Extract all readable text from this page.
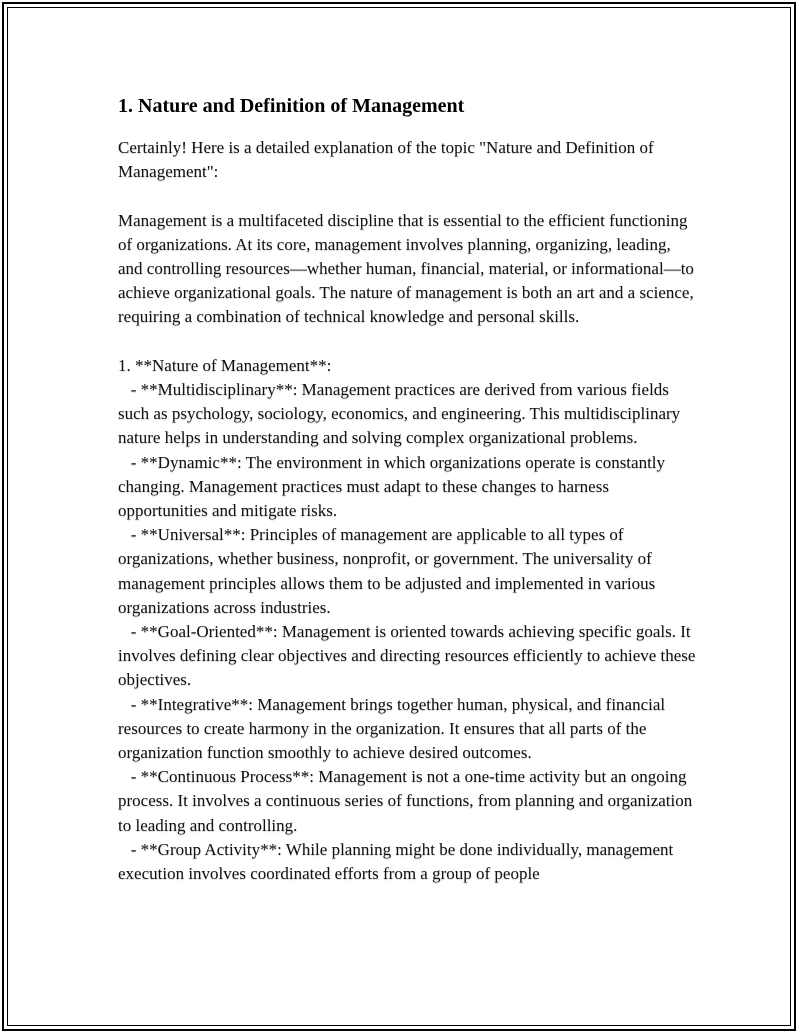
1. Nature and Definition of Management

Certainly! Here is a detailed explanation of the topic "Nature and Definition of Management":

Management is a multifaceted discipline that is essential to the efficient functioning of organizations. At its core, management involves planning, organizing, leading, and controlling resources—whether human, financial, material, or informational—to achieve organizational goals. The nature of management is both an art and a science, requiring a combination of technical knowledge and personal skills.

1. **Nature of Management**:
- **Multidisciplinary**: Management practices are derived from various fields such as psychology, sociology, economics, and engineering. This multidisciplinary nature helps in understanding and solving complex organizational problems.
- **Dynamic**: The environment in which organizations operate is constantly changing. Management practices must adapt to these changes to harness opportunities and mitigate risks.
- **Universal**: Principles of management are applicable to all types of organizations, whether business, nonprofit, or government. The universality of management principles allows them to be adjusted and implemented in various organizations across industries.
- **Goal-Oriented**: Management is oriented towards achieving specific goals. It involves defining clear objectives and directing resources efficiently to achieve these objectives.
- **Integrative**: Management brings together human, physical, and financial resources to create harmony in the organization. It ensures that all parts of the organization function smoothly to achieve desired outcomes.
- **Continuous Process**: Management is not a one-time activity but an ongoing process. It involves a continuous series of functions, from planning and organization to leading and controlling.
- **Group Activity**: While planning might be done individually, management execution involves coordinated efforts from a group of people
